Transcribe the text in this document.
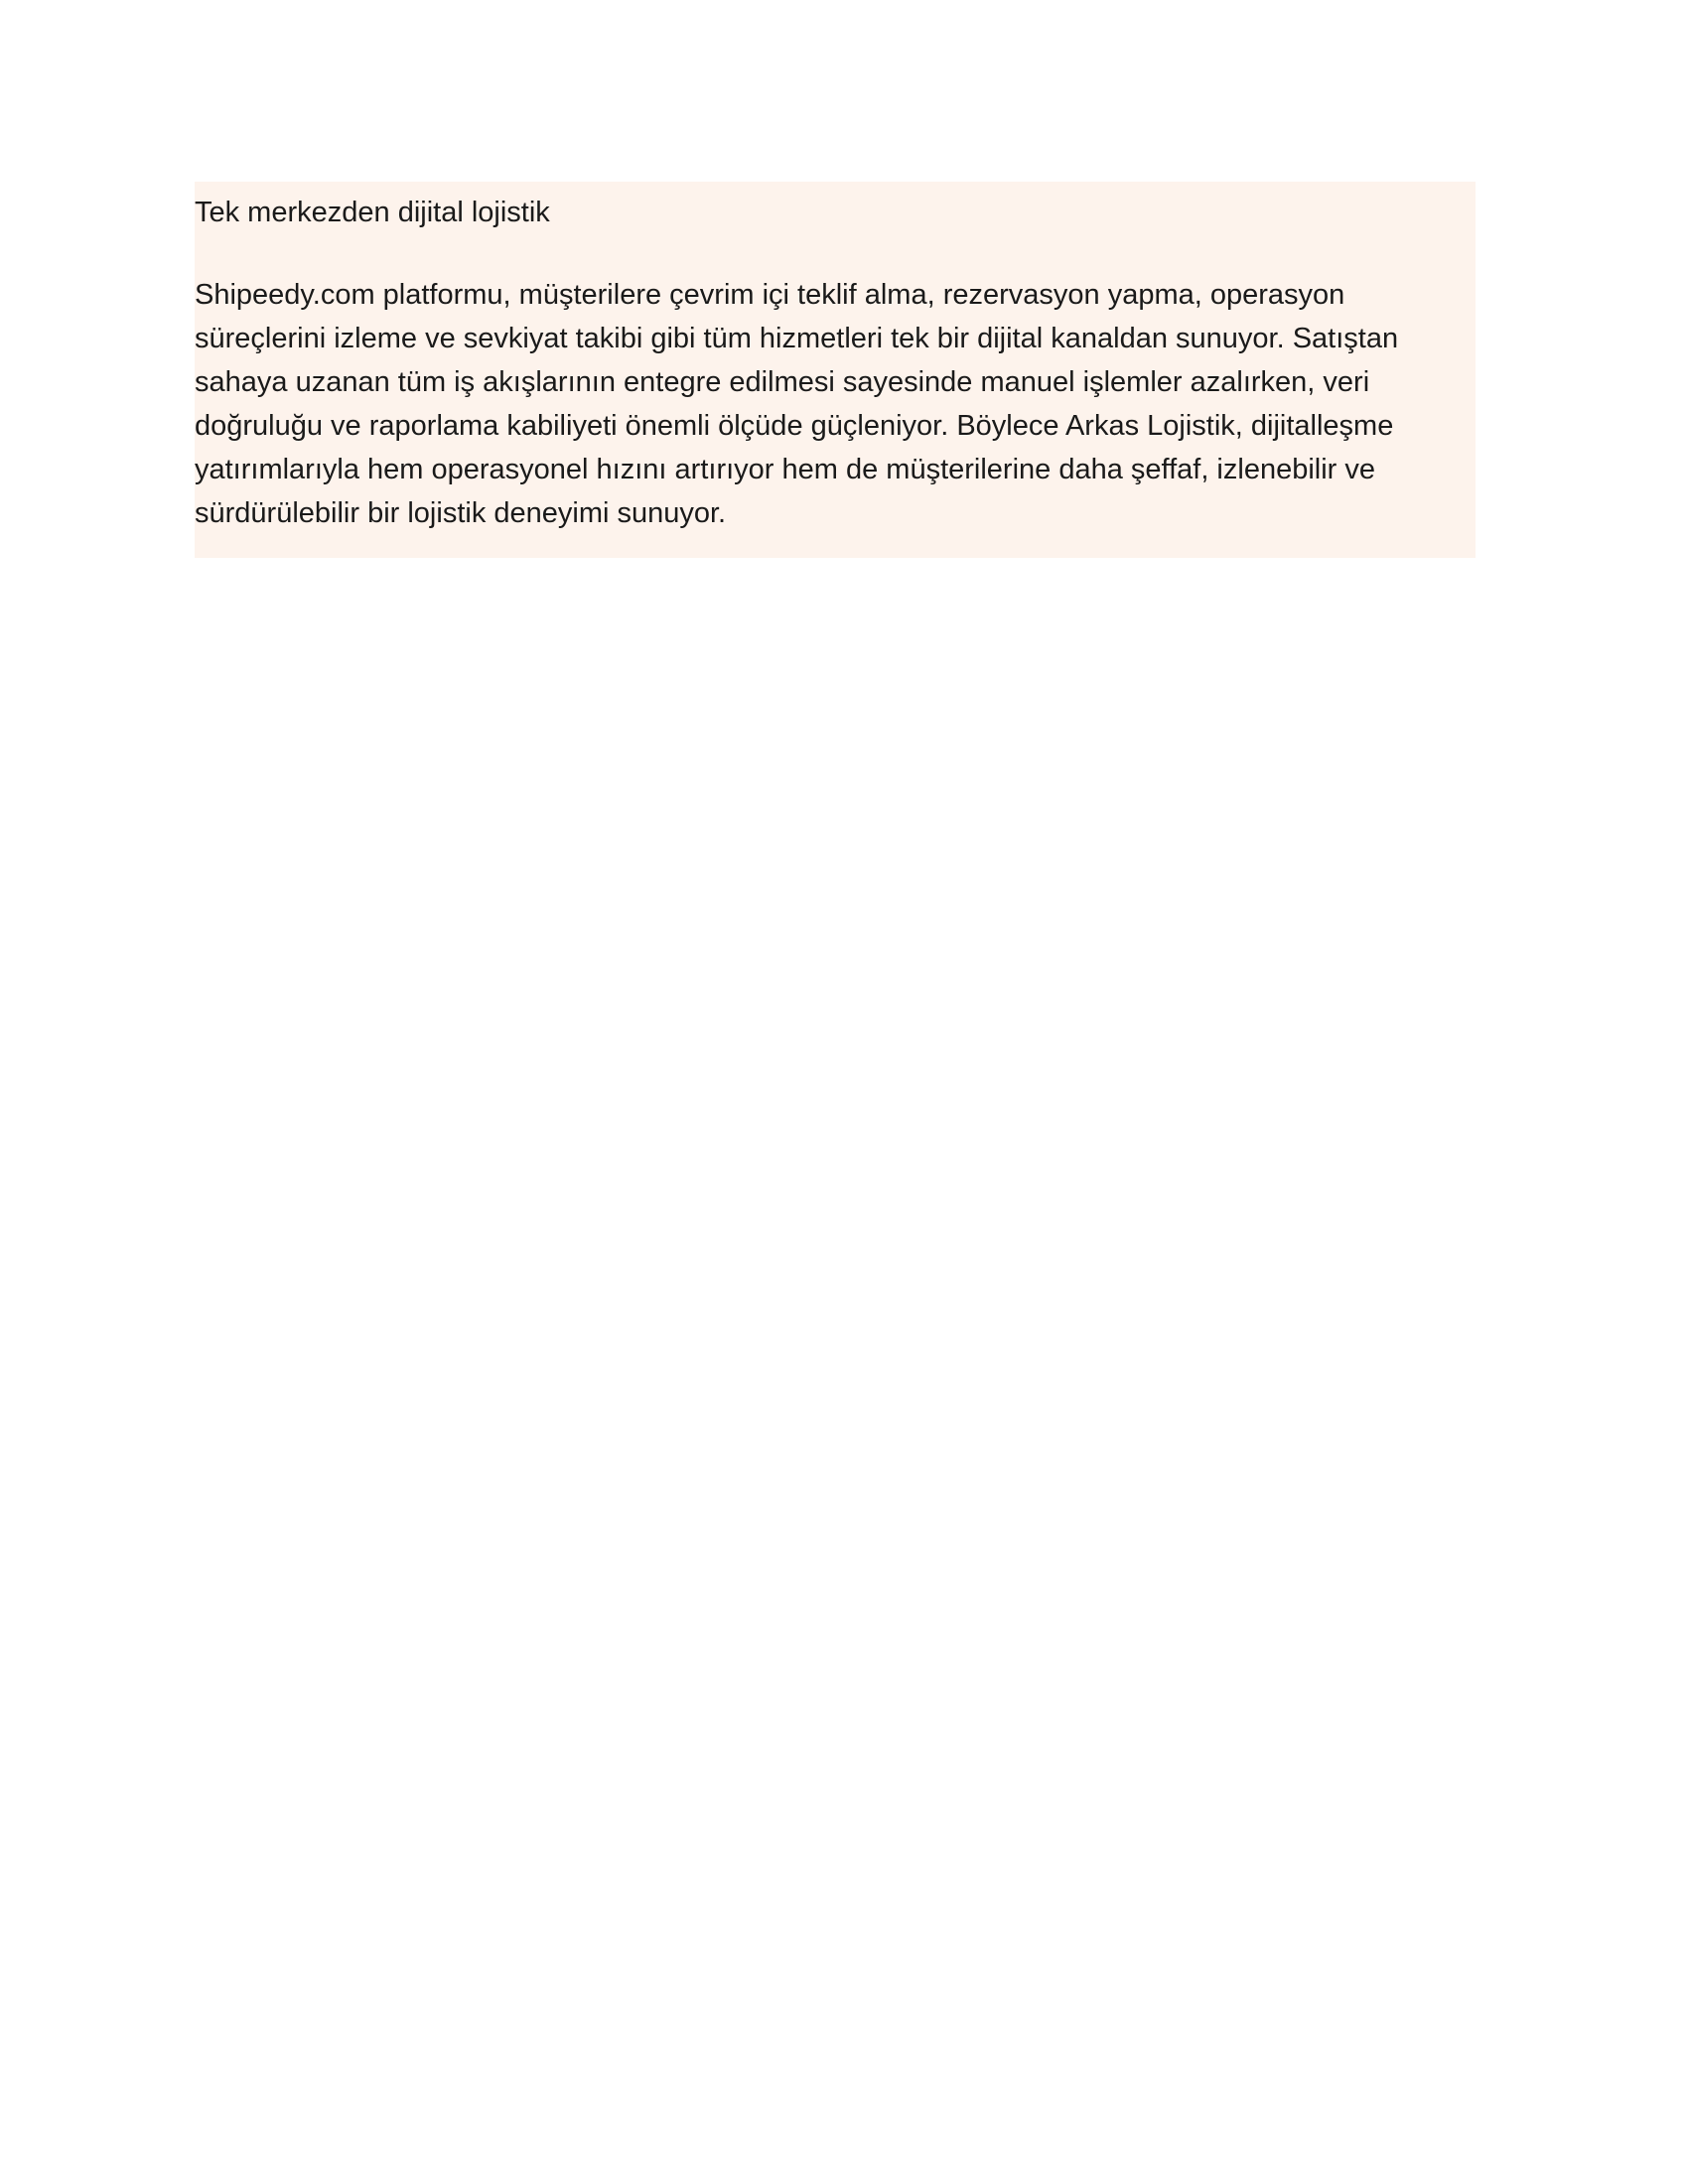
Tek merkezden dijital lojistik

Shipeedy.com platformu, müşterilere çevrim içi teklif alma, rezervasyon yapma, operasyon süreçlerini izleme ve sevkiyat takibi gibi tüm hizmetleri tek bir dijital kanaldan sunuyor. Satıştan sahaya uzanan tüm iş akışlarının entegre edilmesi sayesinde manuel işlemler azalırken, veri doğruluğu ve raporlama kabiliyeti önemli ölçüde güçleniyor. Böylece Arkas Lojistik, dijitalleşme yatırımlarıyla hem operasyonel hızını artırıyor hem de müşterilerine daha şeffaf, izlenebilir ve sürdürülebilir bir lojistik deneyimi sunuyor.
